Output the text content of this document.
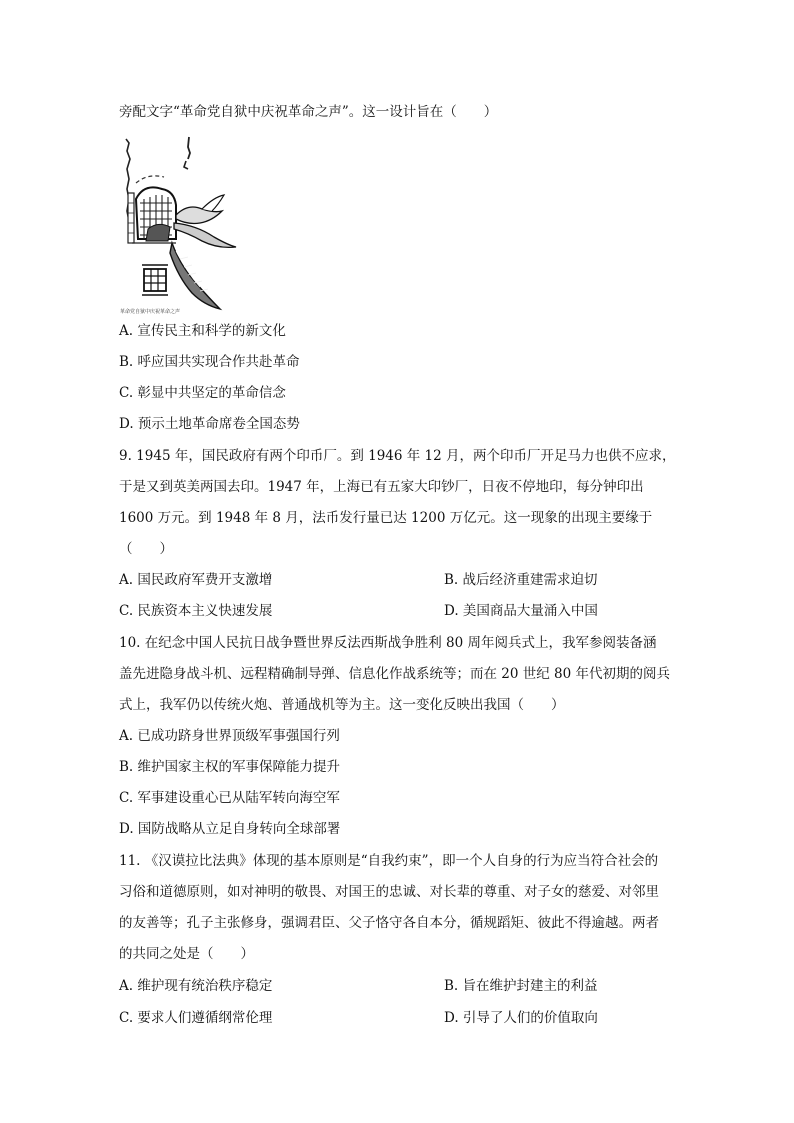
旁配文字“革命党自狱中庆祝革命之声”。这一设计旨在（　　）
革命党自狱中庆祝革命之声
A. 宣传民主和科学的新文化
B. 呼应国共实现合作共赴革命
C. 彰显中共坚定的革命信念
D. 预示土地革命席卷全国态势
9. 1945 年，国民政府有两个印币厂。到 1946 年 12 月，两个印币厂开足马力也供不应求，
于是又到英美两国去印。1947 年，上海已有五家大印钞厂，日夜不停地印，每分钟印出
1600 万元。到 1948 年 8 月，法币发行量已达 1200 万亿元。这一现象的出现主要缘于
（　　）
A. 国民政府军费开支激增	B. 战后经济重建需求迫切
C. 民族资本主义快速发展	D. 美国商品大量涌入中国
10. 在纪念中国人民抗日战争暨世界反法西斯战争胜利 80 周年阅兵式上，我军参阅装备涵
盖先进隐身战斗机、远程精确制导弹、信息化作战系统等；而在 20 世纪 80 年代初期的阅兵
式上，我军仍以传统火炮、普通战机等为主。这一变化反映出我国（　　）
A. 已成功跻身世界顶级军事强国行列
B. 维护国家主权的军事保障能力提升
C. 军事建设重心已从陆军转向海空军
D. 国防战略从立足自身转向全球部署
11. 《汉谟拉比法典》体现的基本原则是“自我约束”，即一个人自身的行为应当符合社会的
习俗和道德原则，如对神明的敬畏、对国王的忠诚、对长辈的尊重、对子女的慈爱、对邻里
的友善等；孔子主张修身，强调君臣、父子恪守各自本分，循规蹈矩、彼此不得逾越。两者
的共同之处是（　　）
A. 维护现有统治秩序稳定	B. 旨在维护封建主的利益
C. 要求人们遵循纲常伦理	D. 引导了人们的价值取向
